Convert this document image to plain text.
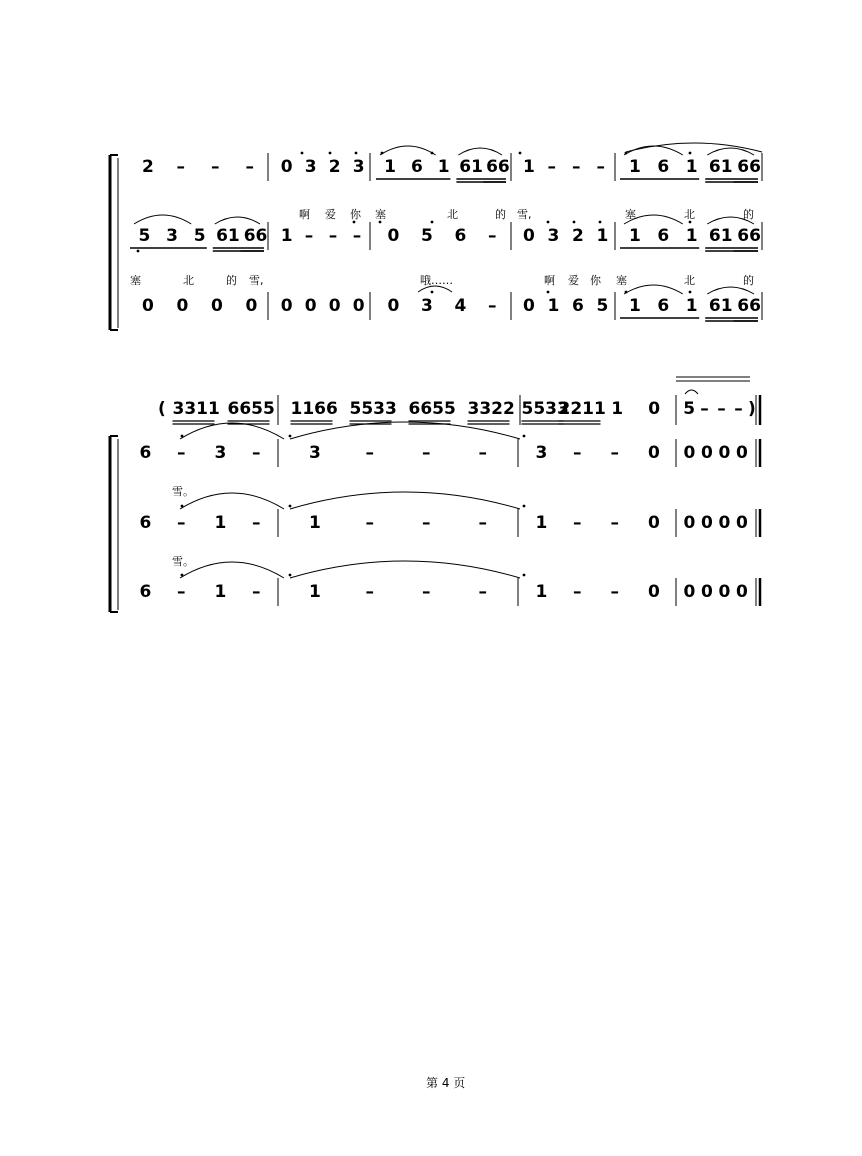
2 – – – 0 3 2 3 1 6 1 61 66 1 – – – 1 6 1 61 66
5 3 5 61 66 1 – – – 0 5 6 – 0 3 2 1 1 6 1 61 66
0 0 0 0 0 0 0 0 0 3 4 – 0 1 6 5 1 6 1 61 66
啊 爱 你 塞	北	的 雪,	塞	北	的
塞	北	的 雪,	哦……	啊 爱 你 塞	北	的
( 3311 6655 1166 5533 6655 3322 5533
2211 1 0 5 – – – )
6 – 3 –	3	–	–	–	3 – – 0 0 0 0 0
雪。
6 – 1 –	1	–	–	–	1 – – 0 0 0 0 0
雪。
6 – 1 –	1	–	–	–	1 – – 0 0 0 0 0
第 4 页
